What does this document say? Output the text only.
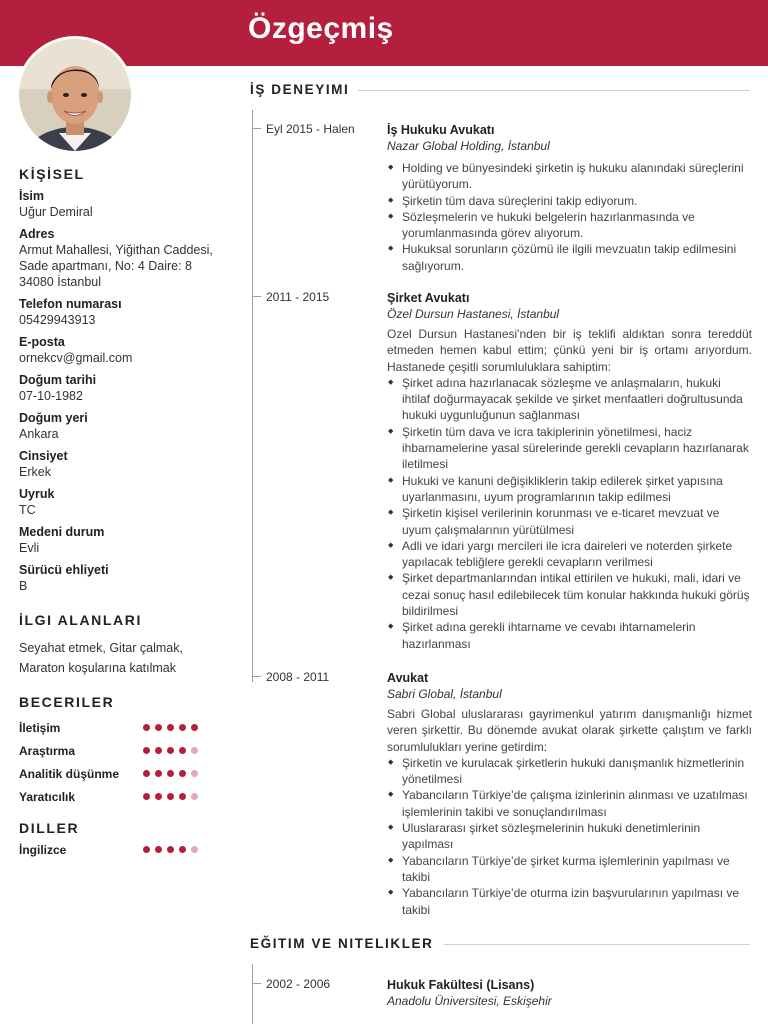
Özgeçmiş
KİŞİSEL
İsim
Uğur Demiral
Adres
Armut Mahallesi, Yiğithan Caddesi, Sade apartmanı, No: 4 Daire: 8 34080 İstanbul
Telefon numarası
05429943913
E-posta
ornekcv@gmail.com
Doğum tarihi
07-10-1982
Doğum yeri
Ankara
Cinsiyet
Erkek
Uyruk
TC
Medeni durum
Evli
Sürücü ehliyeti
B
İLGI ALANLARI
Seyahat etmek, Gitar çalmak, Maraton koşularına katılmak
BECERILER
İletişim
Araştırma
Analitik düşünme
Yaratıcılık
DILLER
İngilizce
İŞ DENEYIMI
Eyl 2015 - Halen	İş Hukuku Avukatı
Nazar Global Holding, İstanbul
◆ Holding ve bünyesindeki şirketin iş hukuku alanındaki süreçlerini yürütüyorum.
◆ Şirketin tüm dava süreçlerini takip ediyorum.
◆ Sözleşmelerin ve hukuki belgelerin hazırlanmasında ve yorumlanmasında görev alıyorum.
◆ Hukuksal sorunların çözümü ile ilgili mevzuatın takip edilmesini sağlıyorum.
2011 - 2015	Şirket Avukatı
Özel Dursun Hastanesi, İstanbul
Ozel Dursun Hastanesi'nden bir iş teklifi aldıktan sonra tereddüt etmeden hemen kabul ettim; çünkü yeni bir iş ortamı arıyordum. Hastanede çeşitli sorumluluklara sahiptim:
◆ Şirket adına hazırlanacak sözleşme ve anlaşmaların, hukuki ihtilaf doğurmayacak şekilde ve şirket menfaatleri doğrultusunda hukuki uygunluğunun sağlanması
◆ Şirketin tüm dava ve icra takiplerinin yönetilmesi, haciz ihbarnamelerine yasal sürelerinde gerekli cevapların hazırlanarak iletilmesi
◆ Hukuki ve kanuni değişikliklerin takip edilerek şirket yapısına uyarlanmasını, uyum programlarının takip edilmesi
◆ Şirketin kişisel verilerinin korunması ve e-ticaret mevzuat ve uyum çalışmalarının yürütülmesi
◆ Adli ve idari yargı mercileri ile icra daireleri ve noterden şirkete yapılacak tebliğlere gerekli cevapların verilmesi
◆ Şirket departmanlarından intikal ettirilen ve hukuki, mali, idari ve cezai sonuç hasıl edilebilecek tüm konular hakkında hukuki görüş bildirilmesi
◆ Şirket adına gerekli ihtarname ve cevabı ihtarnamelerin hazırlanması
2008 - 2011	Avukat
Sabri Global, İstanbul
Sabri Global uluslararası gayrimenkul yatırım danışmanlığı hizmet veren şirkettir. Bu dönemde avukat olarak şirkette çalıştım ve farklı sorumlulukları yerine getirdim:
◆ Şirketin ve kurulacak şirketlerin hukuki danışmanlık hizmetlerinin yönetilmesi
◆ Yabancıların Türkiye’de çalışma izinlerinin alınması ve uzatılması işlemlerinin takibi ve sonuçlandırılması
◆ Uluslararası şirket sözleşmelerinin hukuki denetimlerinin yapılması
◆ Yabancıların Türkiye’de şirket kurma işlemlerinin yapılması ve takibi
◆ Yabancıların Türkiye’de oturma izin başvurularının yapılması ve takibi
EĞITIM VE NITELIKLER
2002 - 2006	Hukuk Fakültesi (Lisans)
Anadolu Üniversitesi, Eskişehir
